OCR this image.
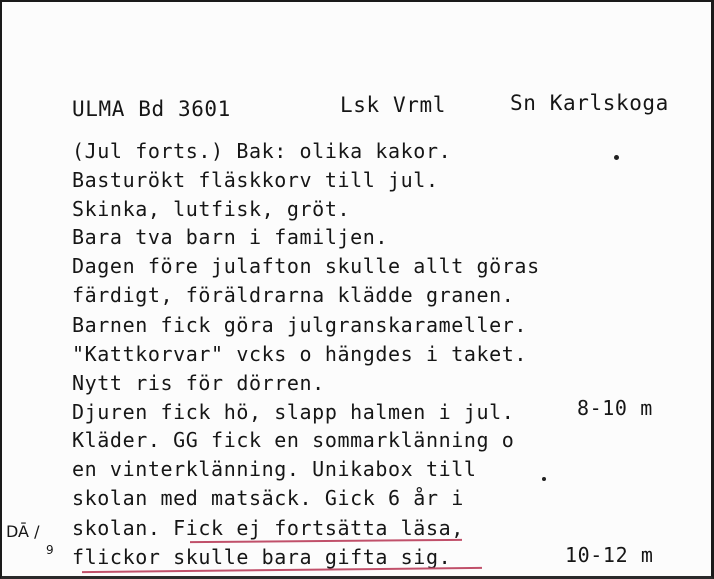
ULMA Bd 3601	Lsk Vrml	Sn Karlskoga
(Jul forts.) Bak: olika kakor.
Basturökt fläskkorv till jul.
Skinka, lutfisk, gröt.
Bara tva barn i familjen.
Dagen före julafton skulle allt göras
färdigt, föräldrarna klädde granen.
Barnen fick göra julgranskarameller.
"Kattkorvar" vcks o hängdes i taket.
Nytt ris för dörren.
Djuren fick hö, slapp halmen i jul.
Kläder. GG fick en sommarklänning o
en vinterklänning. Unikabox till
skolan med matsäck. Gick 6 år i
skolan. Fick ej fortsätta läsa,
flickor skulle bara gifta sig.
8-10 m
10-12 m
DĀ /
9
